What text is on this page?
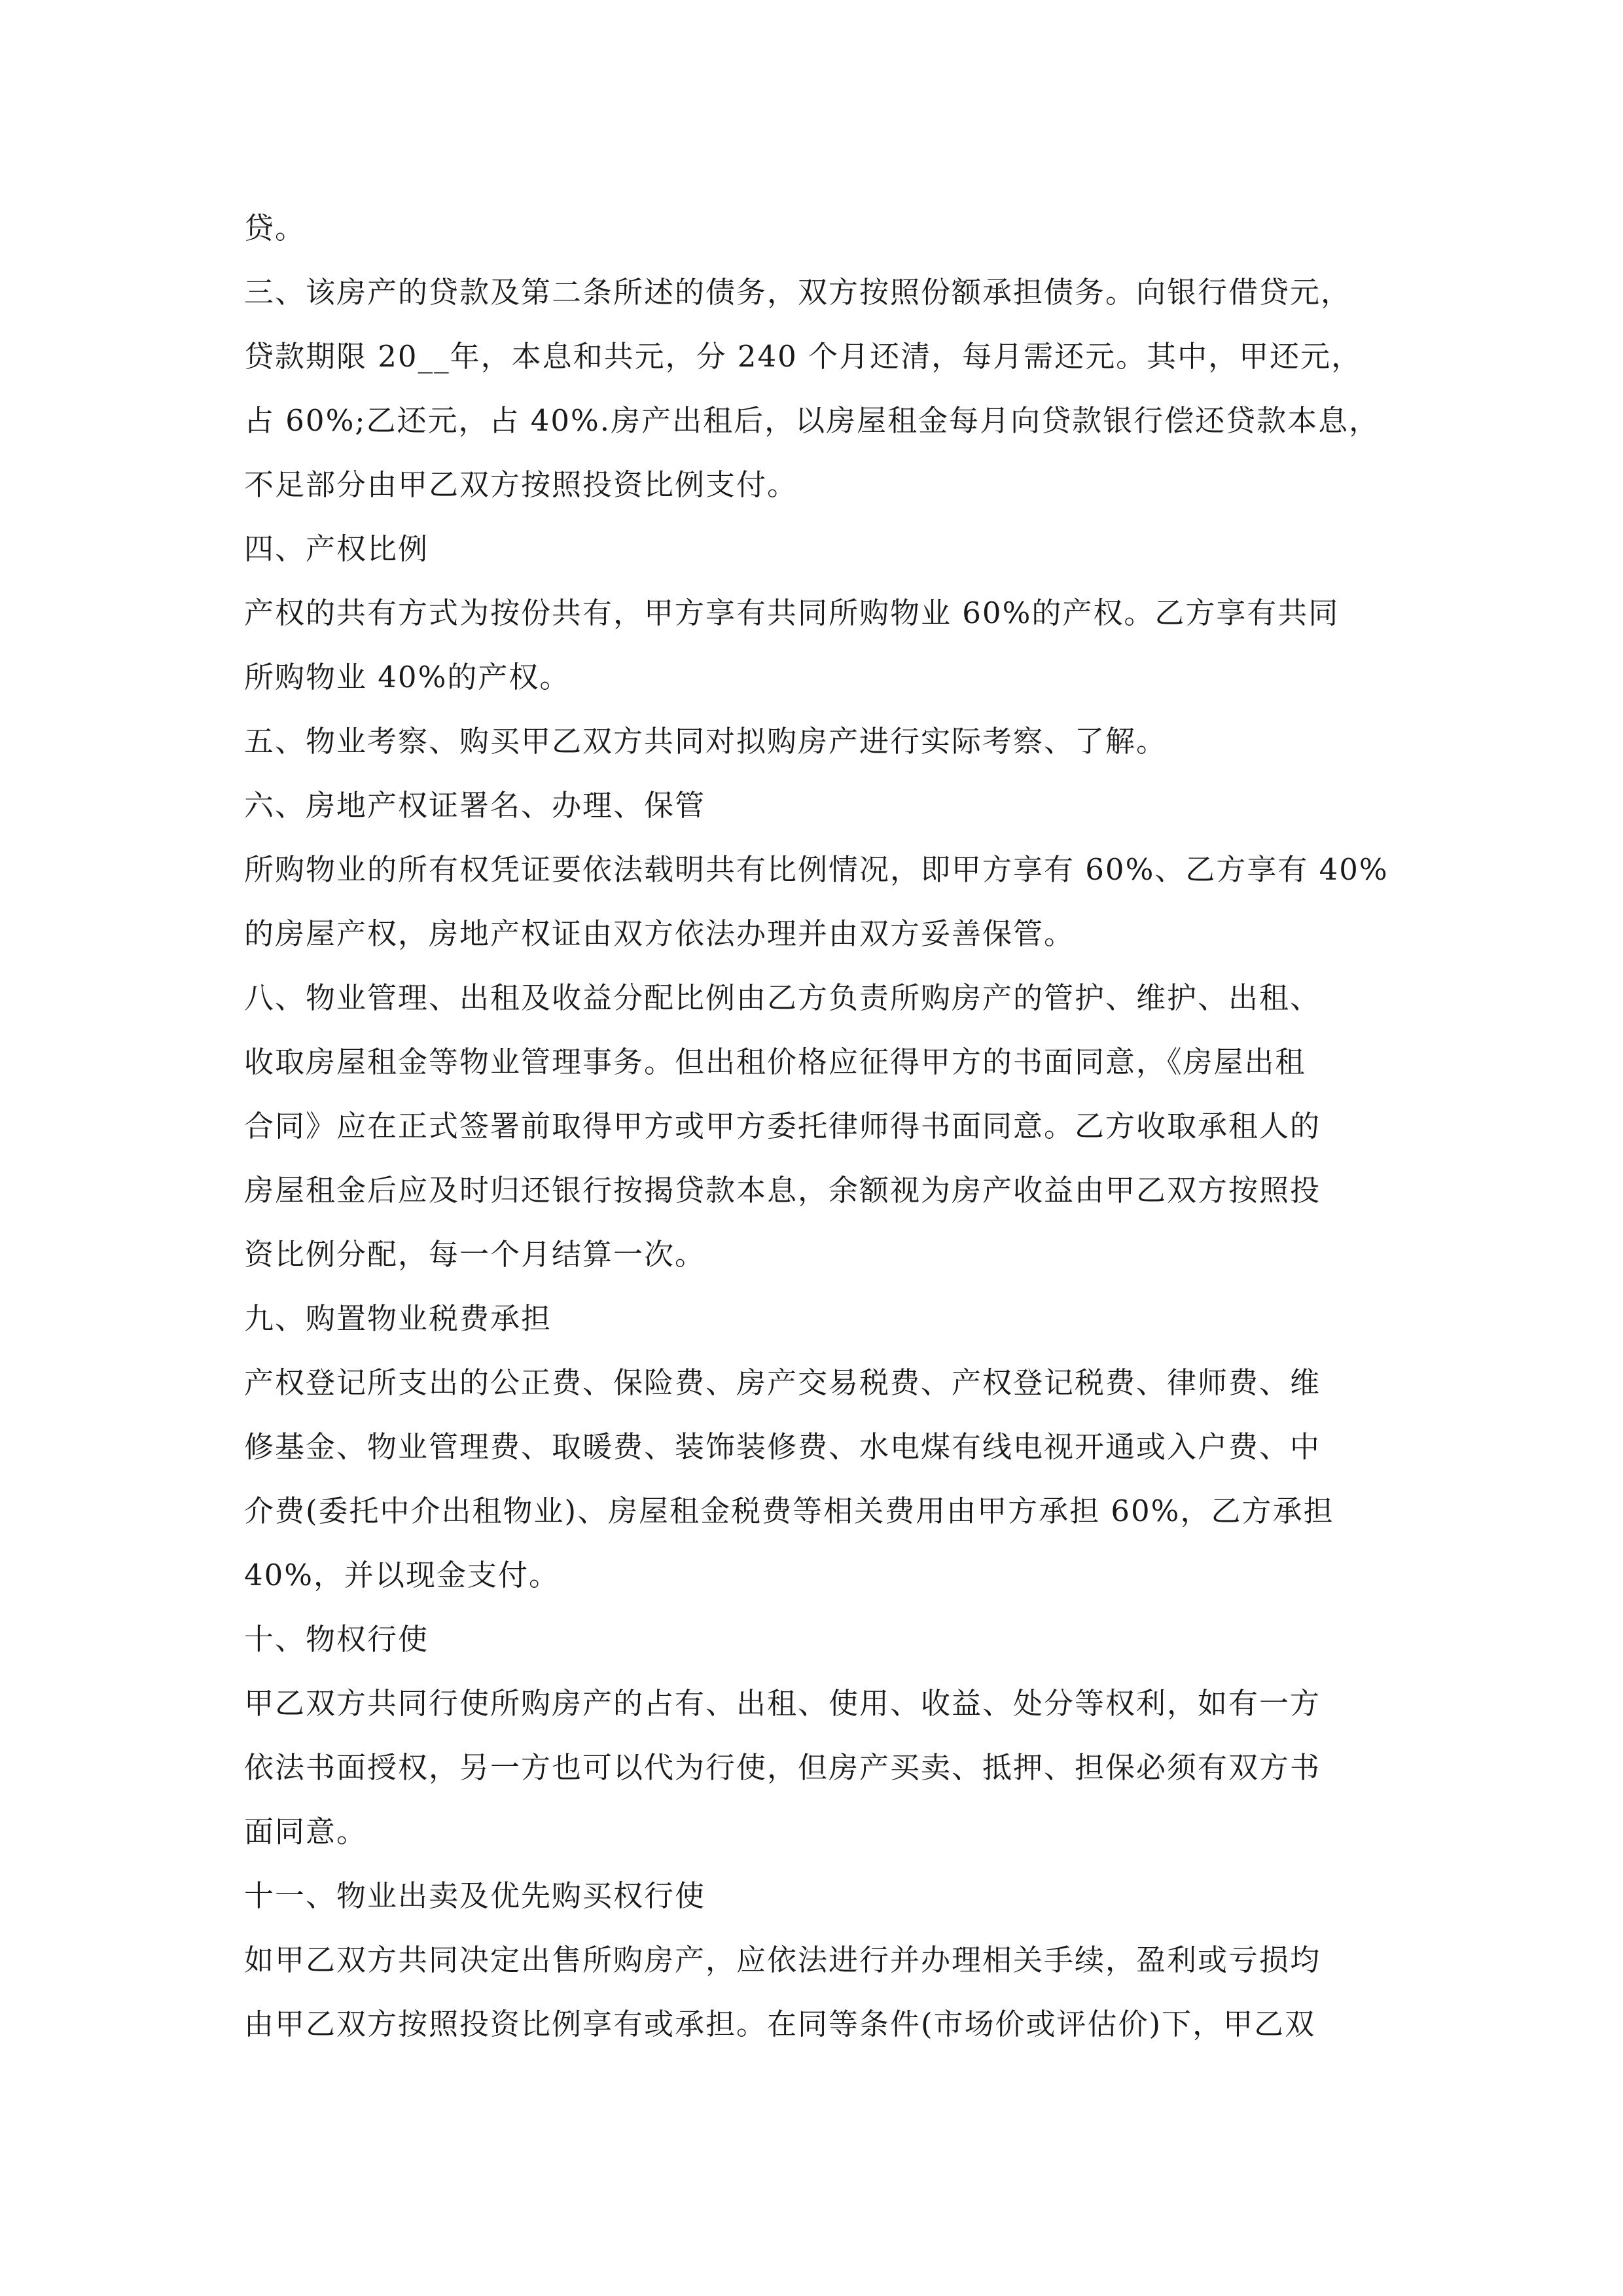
贷。
三、该房产的贷款及第二条所述的债务，双方按照份额承担债务。向银行借贷元，
贷款期限 20__年，本息和共元，分 240 个月还清，每月需还元。其中，甲还元，
占 60%;乙还元，占 40%.房产出租后，以房屋租金每月向贷款银行偿还贷款本息，
不足部分由甲乙双方按照投资比例支付。
四、产权比例
产权的共有方式为按份共有，甲方享有共同所购物业 60%的产权。乙方享有共同
所购物业 40%的产权。
五、物业考察、购买甲乙双方共同对拟购房产进行实际考察、了解。
六、房地产权证署名、办理、保管
所购物业的所有权凭证要依法载明共有比例情况，即甲方享有 60%、乙方享有 40%
的房屋产权，房地产权证由双方依法办理并由双方妥善保管。
八、物业管理、出租及收益分配比例由乙方负责所购房产的管护、维护、出租、
收取房屋租金等物业管理事务。但出租价格应征得甲方的书面同意，《房屋出租
合同》应在正式签署前取得甲方或甲方委托律师得书面同意。乙方收取承租人的
房屋租金后应及时归还银行按揭贷款本息，余额视为房产收益由甲乙双方按照投
资比例分配，每一个月结算一次。
九、购置物业税费承担
产权登记所支出的公正费、保险费、房产交易税费、产权登记税费、律师费、维
修基金、物业管理费、取暖费、装饰装修费、水电煤有线电视开通或入户费、中
介费(委托中介出租物业)、房屋租金税费等相关费用由甲方承担 60%，乙方承担
40%，并以现金支付。
十、物权行使
甲乙双方共同行使所购房产的占有、出租、使用、收益、处分等权利，如有一方
依法书面授权，另一方也可以代为行使，但房产买卖、抵押、担保必须有双方书
面同意。
十一、物业出卖及优先购买权行使
如甲乙双方共同决定出售所购房产，应依法进行并办理相关手续，盈利或亏损均
由甲乙双方按照投资比例享有或承担。在同等条件(市场价或评估价)下，甲乙双
